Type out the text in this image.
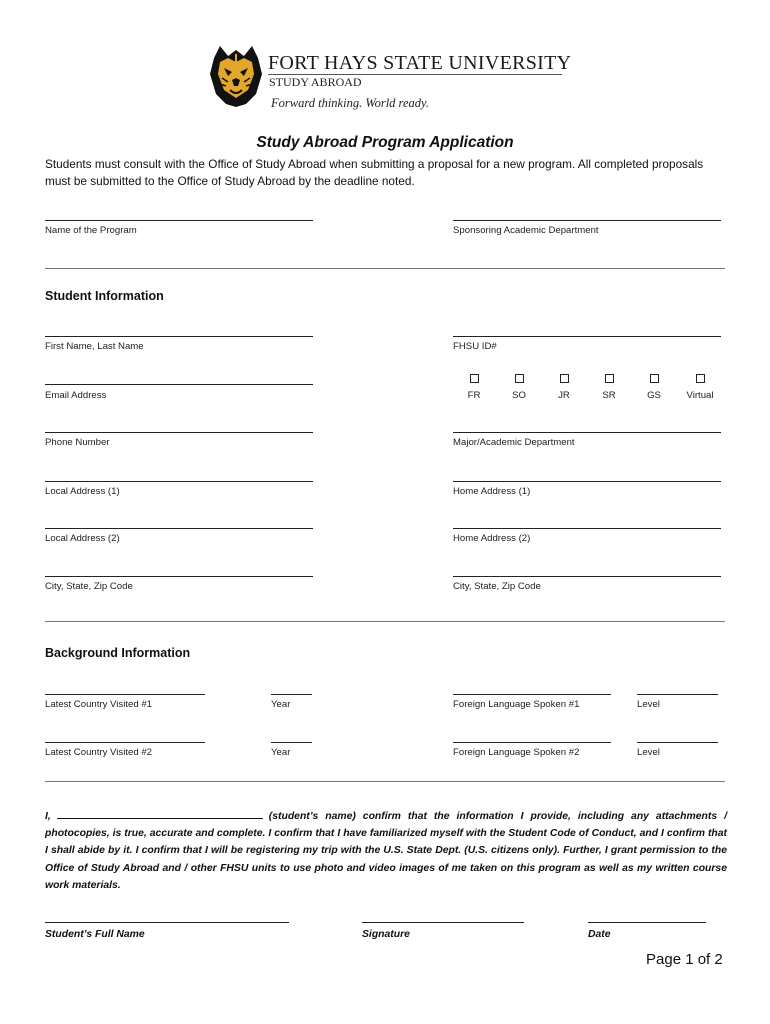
FORT HAYS STATE UNIVERSITY
STUDY ABROAD
Forward thinking. World ready.
Study Abroad Program Application
Students must consult with the Office of Study Abroad when submitting a proposal for a new program. All completed proposals must be submitted to the Office of Study Abroad by the deadline noted.
Name of the Program	Sponsoring Academic Department
Student Information
First Name, Last Name	FHSU ID#
Email Address	FR	SO	JR	SR	GS	Virtual
Phone Number	Major/Academic Department
Local Address (1)	Home Address (1)
Local Address (2)	Home Address (2)
City, State, Zip Code	City, State, Zip Code
Background Information
Latest Country Visited #1	Year	Foreign Language Spoken #1	Level
Latest Country Visited #2	Year	Foreign Language Spoken #2	Level
I,	(student’s name) confirm that the information I provide, including any attachments / photocopies, is true, accurate and complete. I confirm that I have familiarized myself with the Student Code of Conduct, and I confirm that I shall abide by it. I confirm that I will be registering my trip with the U.S. State Dept. (U.S. citizens only). Further, I grant permission to the Office of Study Abroad and / other FHSU units to use photo and video images of me taken on this program as well as my written course work materials.
Student’s Full Name	Signature	Date
Page 1 of 2
